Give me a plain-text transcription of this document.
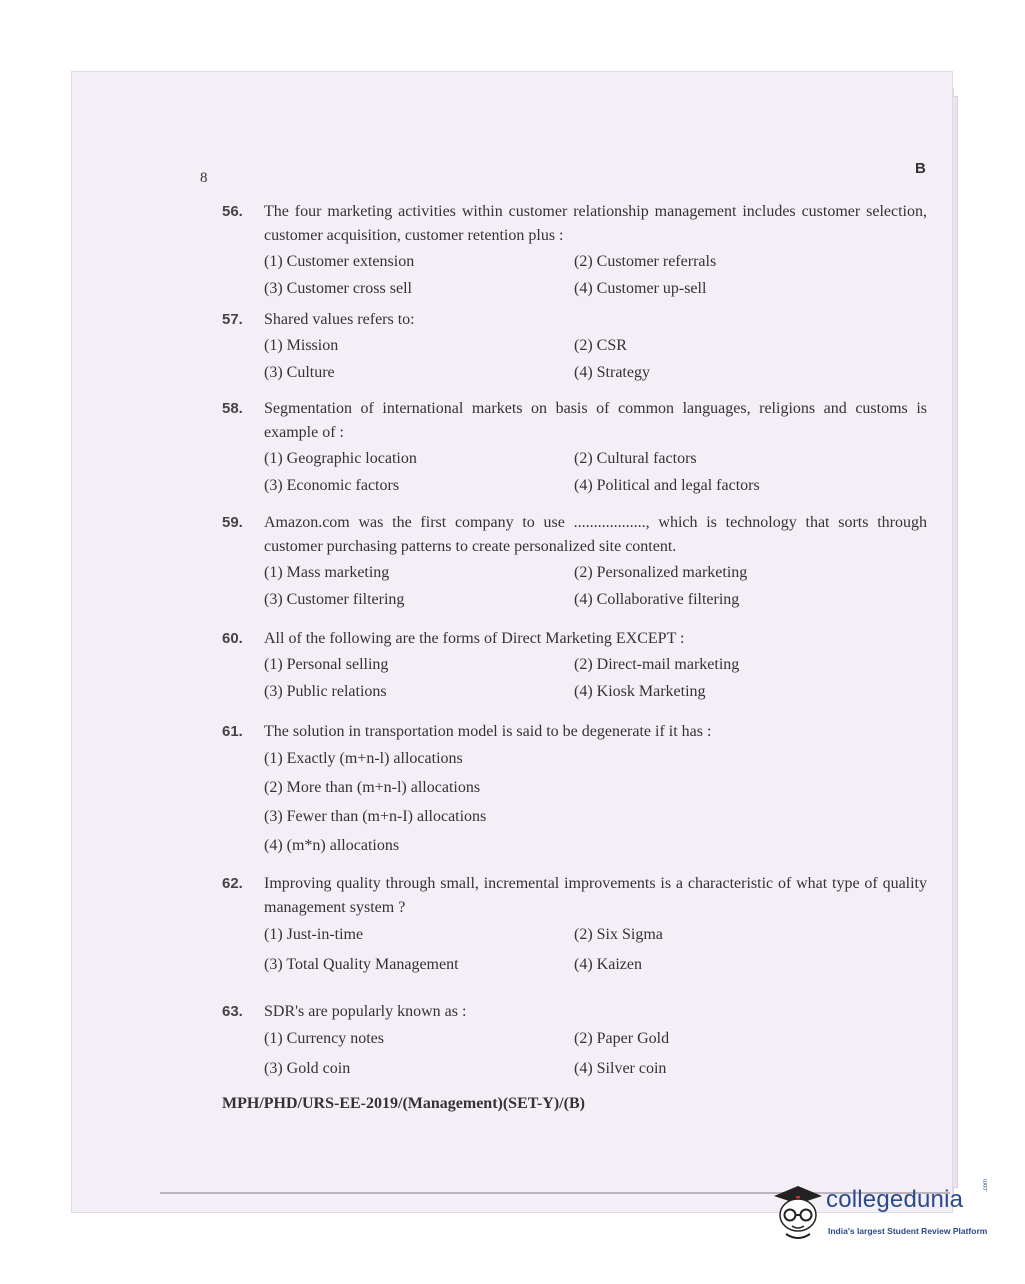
8
B
56. The four marketing activities within customer relationship management includes customer selection, customer acquisition, customer retention plus :
(1) Customer extension	(2) Customer referrals
(3) Customer cross sell	(4) Customer up-sell
57. Shared values refers to:
(1) Mission	(2) CSR
(3) Culture	(4) Strategy
58. Segmentation of international markets on basis of common languages, religions and customs is example of :
(1) Geographic location	(2) Cultural factors
(3) Economic factors	(4) Political and legal factors
59. Amazon.com was the first company to use .................., which is technology that sorts through customer purchasing patterns to create personalized site content.
(1) Mass marketing	(2) Personalized marketing
(3) Customer filtering	(4) Collaborative filtering
60. All of the following are the forms of Direct Marketing EXCEPT :
(1) Personal selling	(2) Direct-mail marketing
(3) Public relations	(4) Kiosk Marketing
61. The solution in transportation model is said to be degenerate if it has :
(1) Exactly (m+n-l) allocations
(2) More than (m+n-l) allocations
(3) Fewer than (m+n-I) allocations
(4) (m*n) allocations
62. Improving quality through small, incremental improvements is a characteristic of what type of quality management system ?
(1) Just-in-time	(2) Six Sigma
(3) Total Quality Management	(4) Kaizen
63. SDR's are popularly known as :
(1) Currency notes	(2) Paper Gold
(3) Gold coin	(4) Silver coin
MPH/PHD/URS-EE-2019/(Management)(SET-Y)/(B)
collegedunia
.com
India's largest Student Review Platform
